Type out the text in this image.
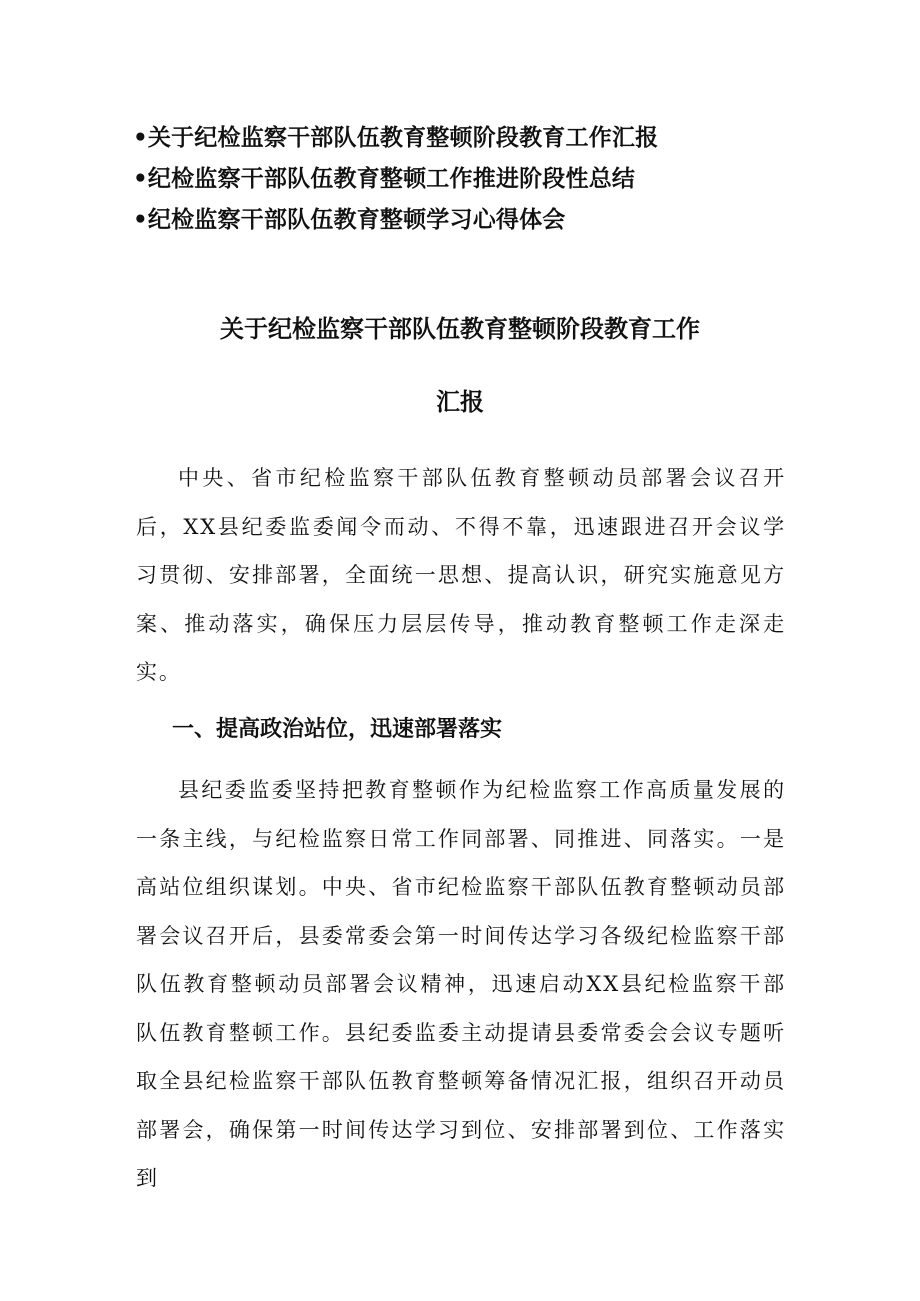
•关于纪检监察干部队伍教育整顿阶段教育工作汇报
•纪检监察干部队伍教育整顿工作推进阶段性总结
•纪检监察干部队伍教育整顿学习心得体会
关于纪检监察干部队伍教育整顿阶段教育工作
汇报

中央、省市纪检监察干部队伍教育整顿动员部署会议召开后，XX县纪委监委闻令而动、不得不靠，迅速跟进召开会议学习贯彻、安排部署，全面统一思想、提高认识，研究实施意见方案、推动落实，确保压力层层传导，推动教育整顿工作走深走实。

一、提高政治站位，迅速部署落实

县纪委监委坚持把教育整顿作为纪检监察工作高质量发展的一条主线，与纪检监察日常工作同部署、同推进、同落实。一是高站位组织谋划。中央、省市纪检监察干部队伍教育整顿动员部署会议召开后，县委常委会第一时间传达学习各级纪检监察干部队伍教育整顿动员部署会议精神，迅速启动XX县纪检监察干部队伍教育整顿工作。县纪委监委主动提请县委常委会会议专题听取全县纪检监察干部队伍教育整顿筹备情况汇报，组织召开动员部署会，确保第一时间传达学习到位、安排部署到位、工作落实到
